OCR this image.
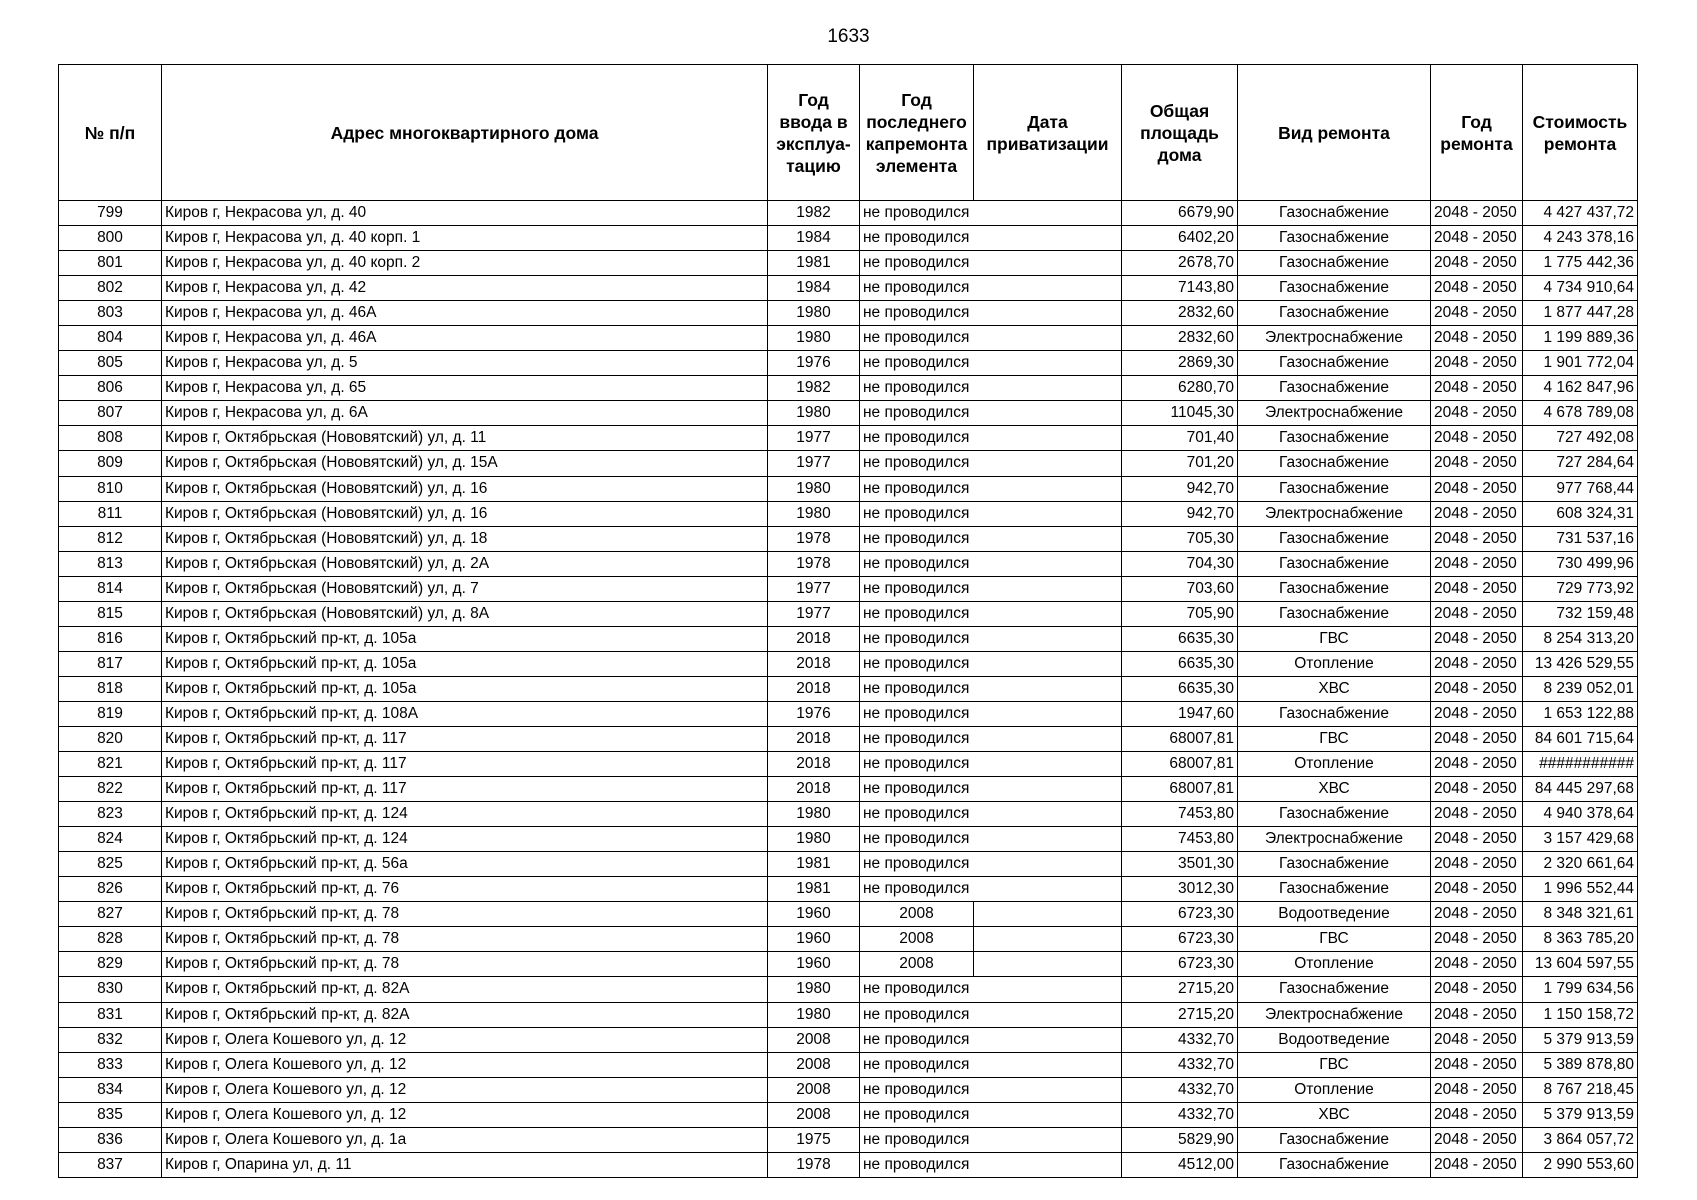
1633
№ п/п	Адрес многоквартирного дома	Год ввода в эксплуа-тацию	Год последнего капремонта элемента	Дата приватизации	Общая площадь дома	Вид ремонта	Год ремонта	Стоимость ремонта
799	Киров г, Некрасова ул, д. 40	1982	не проводился		6679,90	Газоснабжение	2048 - 2050	4 427 437,72
800	Киров г, Некрасова ул, д. 40 корп. 1	1984	не проводился		6402,20	Газоснабжение	2048 - 2050	4 243 378,16
801	Киров г, Некрасова ул, д. 40 корп. 2	1981	не проводился		2678,70	Газоснабжение	2048 - 2050	1 775 442,36
802	Киров г, Некрасова ул, д. 42	1984	не проводился		7143,80	Газоснабжение	2048 - 2050	4 734 910,64
803	Киров г, Некрасова ул, д. 46А	1980	не проводился		2832,60	Газоснабжение	2048 - 2050	1 877 447,28
804	Киров г, Некрасова ул, д. 46А	1980	не проводился		2832,60	Электроснабжение	2048 - 2050	1 199 889,36
805	Киров г, Некрасова ул, д. 5	1976	не проводился		2869,30	Газоснабжение	2048 - 2050	1 901 772,04
806	Киров г, Некрасова ул, д. 65	1982	не проводился		6280,70	Газоснабжение	2048 - 2050	4 162 847,96
807	Киров г, Некрасова ул, д. 6А	1980	не проводился		11045,30	Электроснабжение	2048 - 2050	4 678 789,08
808	Киров г, Октябрьская (Нововятский) ул, д. 11	1977	не проводился		701,40	Газоснабжение	2048 - 2050	727 492,08
809	Киров г, Октябрьская (Нововятский) ул, д. 15А	1977	не проводился		701,20	Газоснабжение	2048 - 2050	727 284,64
810	Киров г, Октябрьская (Нововятский) ул, д. 16	1980	не проводился		942,70	Газоснабжение	2048 - 2050	977 768,44
811	Киров г, Октябрьская (Нововятский) ул, д. 16	1980	не проводился		942,70	Электроснабжение	2048 - 2050	608 324,31
812	Киров г, Октябрьская (Нововятский) ул, д. 18	1978	не проводился		705,30	Газоснабжение	2048 - 2050	731 537,16
813	Киров г, Октябрьская (Нововятский) ул, д. 2А	1978	не проводился		704,30	Газоснабжение	2048 - 2050	730 499,96
814	Киров г, Октябрьская (Нововятский) ул, д. 7	1977	не проводился		703,60	Газоснабжение	2048 - 2050	729 773,92
815	Киров г, Октябрьская (Нововятский) ул, д. 8А	1977	не проводился		705,90	Газоснабжение	2048 - 2050	732 159,48
816	Киров г, Октябрьский пр-кт, д. 105а	2018	не проводился		6635,30	ГВС	2048 - 2050	8 254 313,20
817	Киров г, Октябрьский пр-кт, д. 105а	2018	не проводился		6635,30	Отопление	2048 - 2050	13 426 529,55
818	Киров г, Октябрьский пр-кт, д. 105а	2018	не проводился		6635,30	ХВС	2048 - 2050	8 239 052,01
819	Киров г, Октябрьский пр-кт, д. 108А	1976	не проводился		1947,60	Газоснабжение	2048 - 2050	1 653 122,88
820	Киров г, Октябрьский пр-кт, д. 117	2018	не проводился		68007,81	ГВС	2048 - 2050	84 601 715,64
821	Киров г, Октябрьский пр-кт, д. 117	2018	не проводился		68007,81	Отопление	2048 - 2050	###########
822	Киров г, Октябрьский пр-кт, д. 117	2018	не проводился		68007,81	ХВС	2048 - 2050	84 445 297,68
823	Киров г, Октябрьский пр-кт, д. 124	1980	не проводился		7453,80	Газоснабжение	2048 - 2050	4 940 378,64
824	Киров г, Октябрьский пр-кт, д. 124	1980	не проводился		7453,80	Электроснабжение	2048 - 2050	3 157 429,68
825	Киров г, Октябрьский пр-кт, д. 56а	1981	не проводился		3501,30	Газоснабжение	2048 - 2050	2 320 661,64
826	Киров г, Октябрьский пр-кт, д. 76	1981	не проводился		3012,30	Газоснабжение	2048 - 2050	1 996 552,44
827	Киров г, Октябрьский пр-кт, д. 78	1960	2008		6723,30	Водоотведение	2048 - 2050	8 348 321,61
828	Киров г, Октябрьский пр-кт, д. 78	1960	2008		6723,30	ГВС	2048 - 2050	8 363 785,20
829	Киров г, Октябрьский пр-кт, д. 78	1960	2008		6723,30	Отопление	2048 - 2050	13 604 597,55
830	Киров г, Октябрьский пр-кт, д. 82А	1980	не проводился		2715,20	Газоснабжение	2048 - 2050	1 799 634,56
831	Киров г, Октябрьский пр-кт, д. 82А	1980	не проводился		2715,20	Электроснабжение	2048 - 2050	1 150 158,72
832	Киров г, Олега Кошевого ул, д. 12	2008	не проводился		4332,70	Водоотведение	2048 - 2050	5 379 913,59
833	Киров г, Олега Кошевого ул, д. 12	2008	не проводился		4332,70	ГВС	2048 - 2050	5 389 878,80
834	Киров г, Олега Кошевого ул, д. 12	2008	не проводился		4332,70	Отопление	2048 - 2050	8 767 218,45
835	Киров г, Олега Кошевого ул, д. 12	2008	не проводился		4332,70	ХВС	2048 - 2050	5 379 913,59
836	Киров г, Олега Кошевого ул, д. 1а	1975	не проводился		5829,90	Газоснабжение	2048 - 2050	3 864 057,72
837	Киров г, Опарина ул, д. 11	1978	не проводился		4512,00	Газоснабжение	2048 - 2050	2 990 553,60
